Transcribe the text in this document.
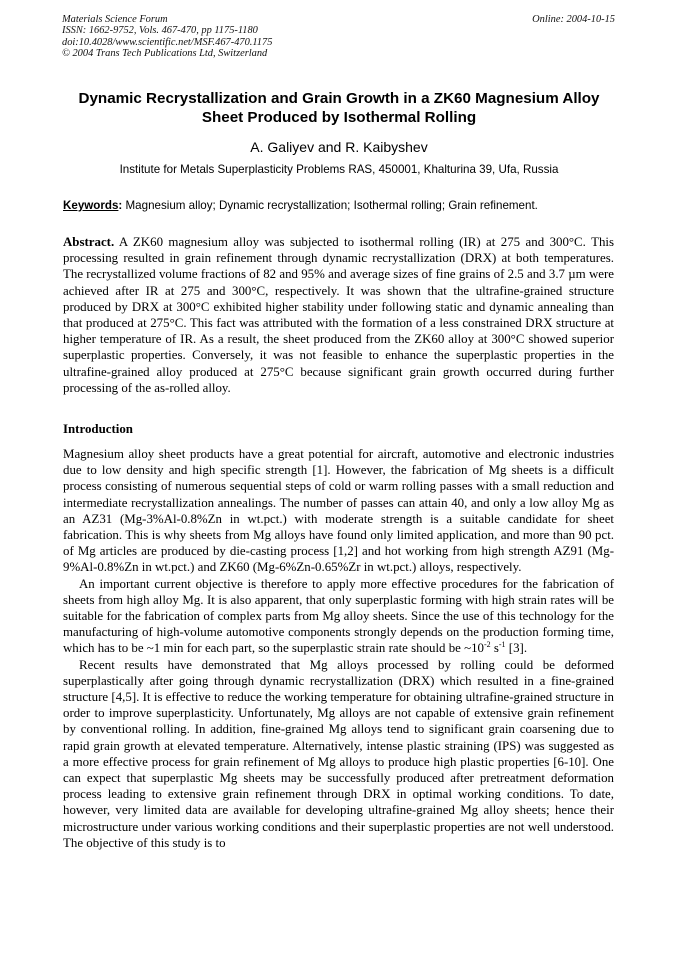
Materials Science Forum
ISSN: 1662-9752, Vols. 467-470, pp 1175-1180
doi:10.4028/www.scientific.net/MSF.467-470.1175
© 2004 Trans Tech Publications Ltd, Switzerland
Online: 2004-10-15
Dynamic Recrystallization and Grain Growth in a ZK60 Magnesium Alloy
Sheet Produced by Isothermal Rolling
A. Galiyev and R. Kaibyshev
Institute for Metals Superplasticity Problems RAS, 450001, Khalturina 39, Ufa, Russia
Keywords: Magnesium alloy; Dynamic recrystallization; Isothermal rolling; Grain refinement.
Abstract. A ZK60 magnesium alloy was subjected to isothermal rolling (IR) at 275 and 300°C. This processing resulted in grain refinement through dynamic recrystallization (DRX) at both temperatures. The recrystallized volume fractions of 82 and 95% and average sizes of fine grains of 2.5 and 3.7 µm were achieved after IR at 275 and 300°C, respectively. It was shown that the ultrafine-grained structure produced by DRX at 300°C exhibited higher stability under following static and dynamic annealing than that produced at 275°C. This fact was attributed with the formation of a less constrained DRX structure at higher temperature of IR. As a result, the sheet produced from the ZK60 alloy at 300°C showed superior superplastic properties. Conversely, it was not feasible to enhance the superplastic properties in the ultrafine-grained alloy produced at 275°C because significant grain growth occurred during further processing of the as-rolled alloy.
Introduction

Magnesium alloy sheet products have a great potential for aircraft, automotive and electronic industries due to low density and high specific strength [1]. However, the fabrication of Mg sheets is a difficult process consisting of numerous sequential steps of cold or warm rolling passes with a small reduction and intermediate recrystallization annealings. The number of passes can attain 40, and only a low alloy Mg as an AZ31 (Mg-3%Al-0.8%Zn in wt.pct.) with moderate strength is a suitable candidate for sheet fabrication. This is why sheets from Mg alloys have found only limited application, and more than 90 pct. of Mg articles are produced by die-casting process [1,2] and hot working from high strength AZ91 (Mg-9%Al-0.8%Zn in wt.pct.) and ZK60 (Mg-6%Zn-0.65%Zr in wt.pct.) alloys, respectively.

An important current objective is therefore to apply more effective procedures for the fabrication of sheets from high alloy Mg. It is also apparent, that only superplastic forming with high strain rates will be suitable for the fabrication of complex parts from Mg alloy sheets. Since the use of this technology for the manufacturing of high-volume automotive components strongly depends on the production forming time, which has to be ~1 min for each part, so the superplastic strain rate should be $\sim 10^{-2}$ $s^{-1}$ [3].

Recent results have demonstrated that Mg alloys processed by rolling could be deformed superplastically after going through dynamic recrystallization (DRX) which resulted in a fine-grained structure [4,5]. It is effective to reduce the working temperature for obtaining ultrafine-grained structure in order to improve superplasticity. Unfortunately, Mg alloys are not capable of extensive grain refinement by conventional rolling. In addition, fine-grained Mg alloys tend to significant grain coarsening due to rapid grain growth at elevated temperature. Alternatively, intense plastic straining (IPS) was suggested as a more effective process for grain refinement of Mg alloys to produce high plastic properties [6-10]. One can expect that superplastic Mg sheets may be successfully produced after pretreatment deformation process leading to extensive grain refinement through DRX in optimal working conditions. To date, however, very limited data are available for developing ultrafine-grained Mg alloy sheets; hence their microstructure under various working conditions and their superplastic properties are not well understood. The objective of this study is to
